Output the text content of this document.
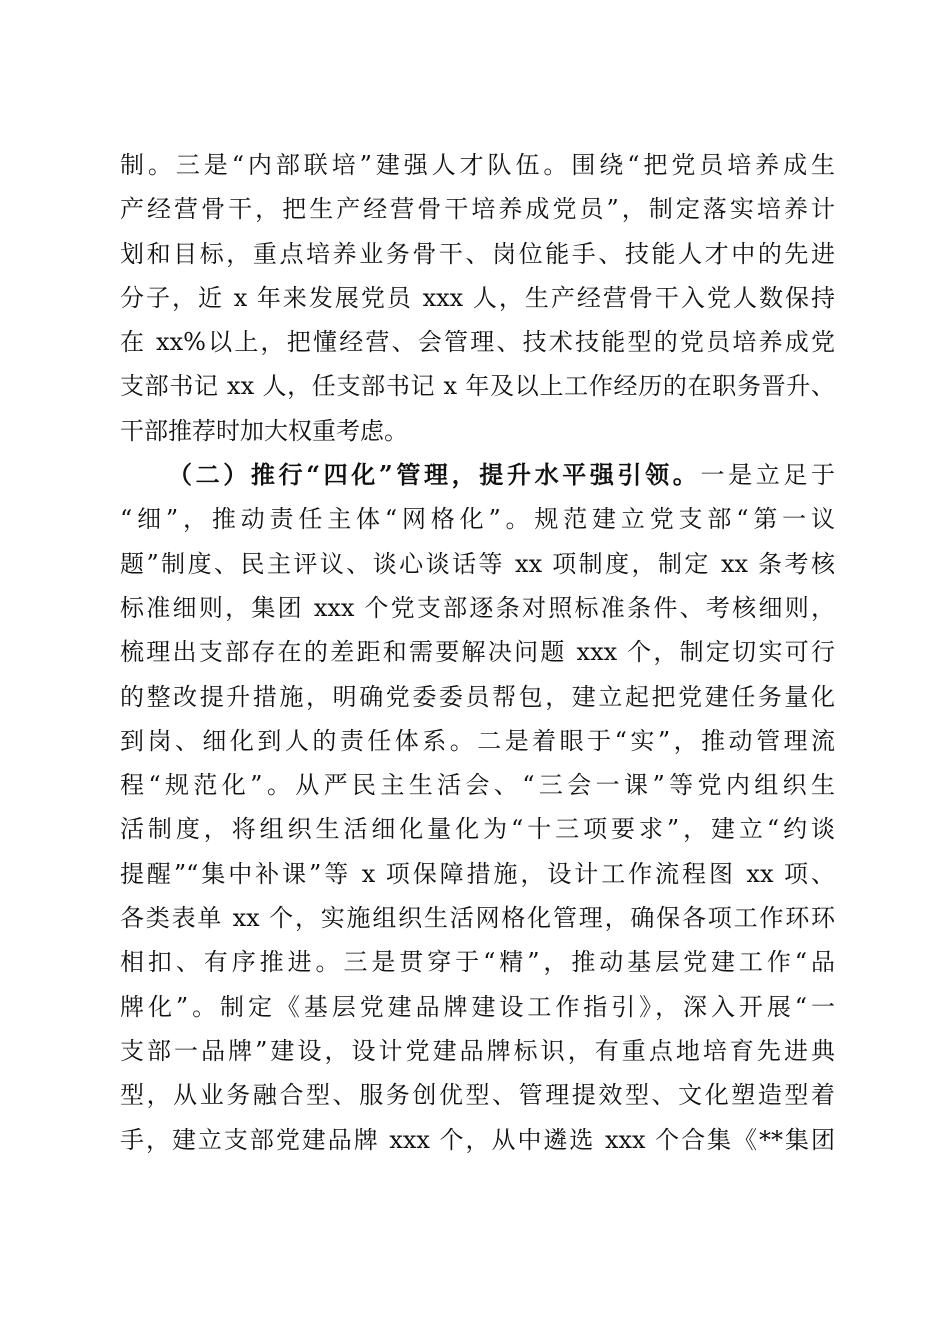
制。三是“内部联培”建强人才队伍。围绕“把党员培养成生
产经营骨干，把生产经营骨干培养成党员”，制定落实培养计
划和目标，重点培养业务骨干、岗位能手、技能人才中的先进
分子，近 x 年来发展党员 xxx 人，生产经营骨干入党人数保持
在 xx%以上，把懂经营、会管理、技术技能型的党员培养成党
支部书记 xx 人，任支部书记 x 年及以上工作经历的在职务晋升、
干部推荐时加大权重考虑。
（二）推行“四化”管理，提升水平强引领。一是立足于
“细”，推动责任主体“网格化”。规范建立党支部“第一议
题”制度、民主评议、谈心谈话等 xx 项制度，制定 xx 条考核
标准细则，集团 xxx 个党支部逐条对照标准条件、考核细则，
梳理出支部存在的差距和需要解决问题 xxx 个，制定切实可行
的整改提升措施，明确党委委员帮包，建立起把党建任务量化
到岗、细化到人的责任体系。二是着眼于“实”，推动管理流
程“规范化”。从严民主生活会、“三会一课”等党内组织生
活制度，将组织生活细化量化为“十三项要求”，建立“约谈
提醒”“集中补课”等 x 项保障措施，设计工作流程图 xx 项、
各类表单 xx 个，实施组织生活网格化管理，确保各项工作环环
相扣、有序推进。三是贯穿于“精”，推动基层党建工作“品
牌化”。制定《基层党建品牌建设工作指引》，深入开展“一
支部一品牌”建设，设计党建品牌标识，有重点地培育先进典
型，从业务融合型、服务创优型、管理提效型、文化塑造型着
手，建立支部党建品牌 xxx 个，从中遴选 xxx 个合集《**集团
